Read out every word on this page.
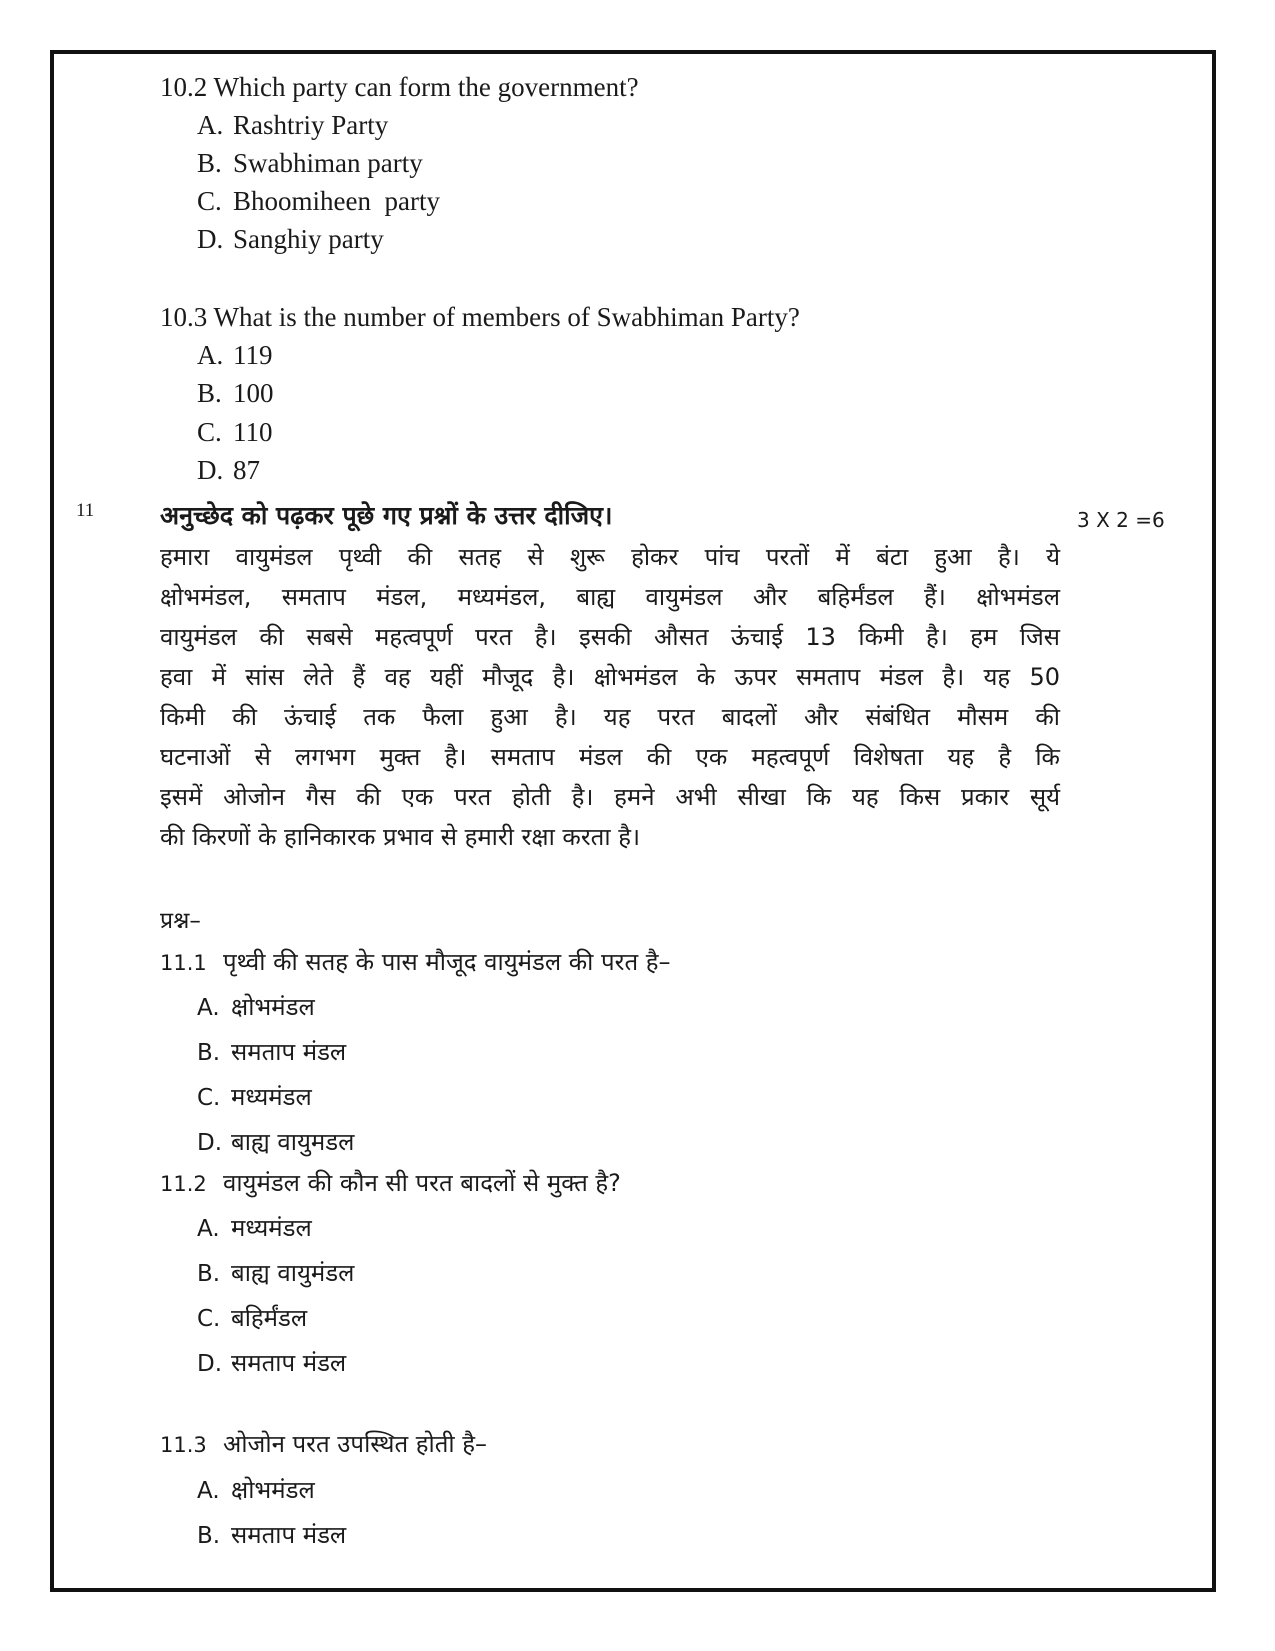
10.2 Which party can form the government?
A. Rashtriy Party
B. Swabhiman party
C. Bhoomiheen  party
D. Sanghiy party
10.3 What is the number of members of Swabhiman Party?
A. 119
B. 100
C. 110
D. 87
11	अनुच्छेद को पढ़कर पूछे गए प्रश्नों के उत्तर दीजिए।	3 X 2 =6
हमारा वायुमंडल पृथ्वी की सतह से शुरू होकर पांच परतों में बंटा हुआ है। ये
क्षोभमंडल, समताप मंडल, मध्यमंडल, बाह्य वायुमंडल और बहिर्मंडल हैं। क्षोभमंडल
वायुमंडल की सबसे महत्वपूर्ण परत है। इसकी औसत ऊंचाई 13 किमी है। हम जिस
हवा में सांस लेते हैं वह यहीं मौजूद है। क्षोभमंडल के ऊपर समताप मंडल है। यह 50
किमी की ऊंचाई तक फैला हुआ है। यह परत बादलों और संबंधित मौसम की
घटनाओं से लगभग मुक्त है। समताप मंडल की एक महत्वपूर्ण विशेषता यह है कि
इसमें ओजोन गैस की एक परत होती है। हमने अभी सीखा कि यह किस प्रकार सूर्य
की किरणों के हानिकारक प्रभाव से हमारी रक्षा करता है।
प्रश्न–
11.1 पृथ्वी की सतह के पास मौजूद वायुमंडल की परत है–
A. क्षोभमंडल
B. समताप मंडल
C. मध्यमंडल
D. बाह्य वायुमडल
11.2 वायुमंडल की कौन सी परत बादलों से मुक्त है?
A. मध्यमंडल
B. बाह्य वायुमंडल
C. बहिर्मंडल
D. समताप मंडल
11.3 ओजोन परत उपस्थित होती है–
A. क्षोभमंडल
B. समताप मंडल
